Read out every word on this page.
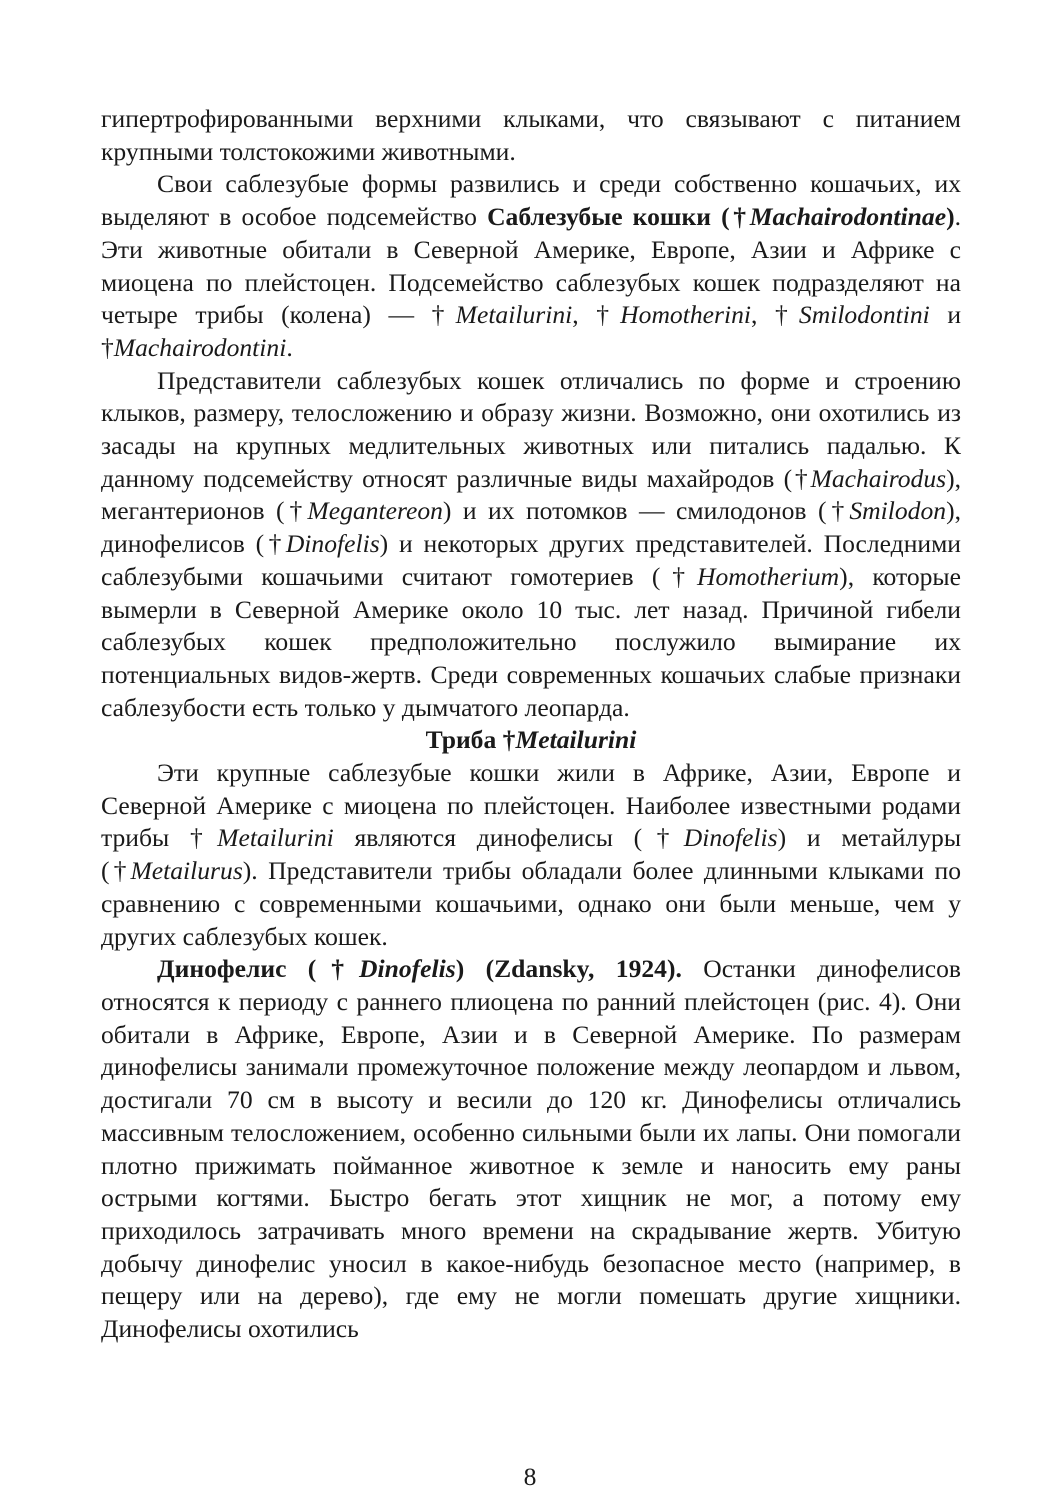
гипертрофированными верхними клыками, что связывают с питанием крупными толстокожими животными.

Свои саблезубые формы развились и среди собственно кошачьих, их выделяют в особое подсемейство Саблезубые кошки (†Machairodontinae). Эти животные обитали в Северной Америке, Европе, Азии и Африке с миоцена по плейстоцен. Подсемейство саблезубых кошек подразделяют на четыре трибы (колена) — †Metailurini, †Homotherini, †Smilodontini и †Machairodontini.

Представители саблезубых кошек отличались по форме и строению клыков, размеру, телосложению и образу жизни. Возможно, они охотились из засады на крупных медлительных животных или питались падалью. К данному подсемейству относят различные виды махайродов (†Machairodus), мегантерионов (†Megantereon) и их потомков — смилодонов (†Smilodon), динофелисов (†Dinofelis) и некоторых других представителей. Последними саблезубыми кошачьими считают гомотериев (†Homotherium), которые вымерли в Северной Америке около 10 тыс. лет назад. Причиной гибели саблезубых кошек предположительно послужило вымирание их потенциальных видов-жертв. Среди современных кошачьих слабые признаки саблезубости есть только у дымчатого леопарда.

Триба †Metailurini

Эти крупные саблезубые кошки жили в Африке, Азии, Европе и Северной Америке с миоцена по плейстоцен. Наиболее известными родами трибы †Metailurini являются динофелисы (†Dinofelis) и метайлуры (†Metailurus). Представители трибы обладали более длинными клыками по сравнению с современными кошачьими, однако они были меньше, чем у других саблезубых кошек.

Динофелис (†Dinofelis) (Zdansky, 1924). Останки динофелисов относятся к периоду с раннего плиоцена по ранний плейстоцен (рис. 4). Они обитали в Африке, Европе, Азии и в Северной Америке. По размерам динофелисы занимали промежуточное положение между леопардом и львом, достигали 70 см в высоту и весили до 120 кг. Динофелисы отличались массивным телосложением, особенно сильными были их лапы. Они помогали плотно прижимать пойманное животное к земле и наносить ему раны острыми когтями. Быстро бегать этот хищник не мог, а потому ему приходилось затрачивать много времени на скрадывание жертв. Убитую добычу динофелис уносил в какое-нибудь безопасное место (например, в пещеру или на дерево), где ему не могли помешать другие хищники. Динофелисы охотились

8
